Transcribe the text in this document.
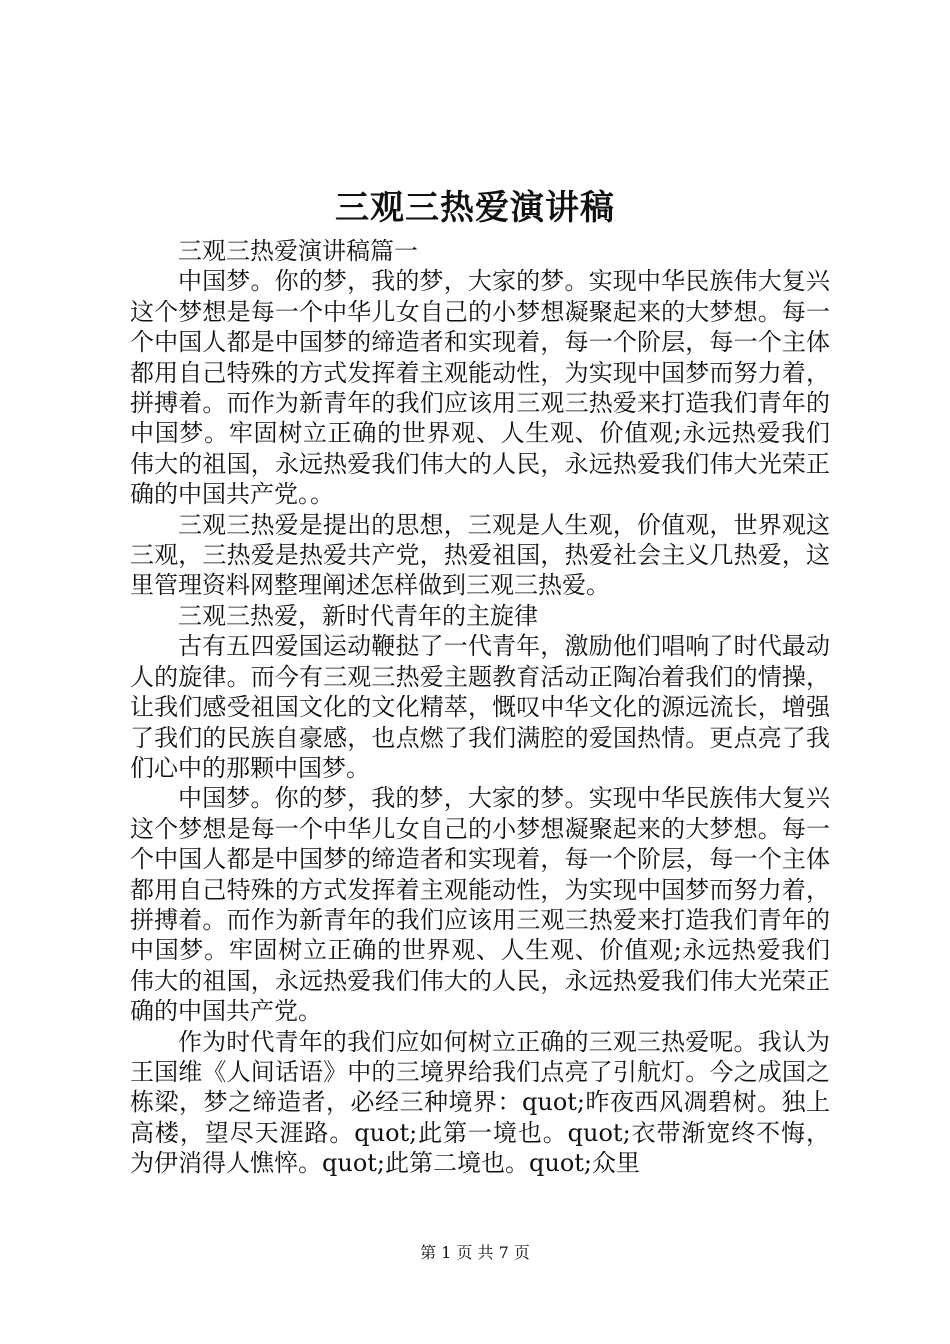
三观三热爱演讲稿

三观三热爱演讲稿篇一

中国梦。你的梦，我的梦，大家的梦。实现中华民族伟大复兴这个梦想是每一个中华儿女自己的小梦想凝聚起来的大梦想。每一个中国人都是中国梦的缔造者和实现着，每一个阶层，每一个主体都用自己特殊的方式发挥着主观能动性，为实现中国梦而努力着，拼搏着。而作为新青年的我们应该用三观三热爱来打造我们青年的中国梦。牢固树立正确的世界观、人生观、价值观;永远热爱我们伟大的祖国，永远热爱我们伟大的人民，永远热爱我们伟大光荣正确的中国共产党。。

三观三热爱是提出的思想，三观是人生观，价值观，世界观这三观，三热爱是热爱共产党，热爱祖国，热爱社会主义几热爱，这里管理资料网整理阐述怎样做到三观三热爱。

三观三热爱，新时代青年的主旋律

古有五四爱国运动鞭挞了一代青年，激励他们唱响了时代最动人的旋律。而今有三观三热爱主题教育活动正陶冶着我们的情操，让我们感受祖国文化的文化精萃，慨叹中华文化的源远流长，增强了我们的民族自豪感，也点燃了我们满腔的爱国热情。更点亮了我们心中的那颗中国梦。

中国梦。你的梦，我的梦，大家的梦。实现中华民族伟大复兴这个梦想是每一个中华儿女自己的小梦想凝聚起来的大梦想。每一个中国人都是中国梦的缔造者和实现着，每一个阶层，每一个主体都用自己特殊的方式发挥着主观能动性，为实现中国梦而努力着，拼搏着。而作为新青年的我们应该用三观三热爱来打造我们青年的中国梦。牢固树立正确的世界观、人生观、价值观;永远热爱我们伟大的祖国，永远热爱我们伟大的人民，永远热爱我们伟大光荣正确的中国共产党。

作为时代青年的我们应如何树立正确的三观三热爱呢。我认为王国维《人间话语》中的三境界给我们点亮了引航灯。今之成国之栋梁，梦之缔造者，必经三种境界：quot;昨夜西风凋碧树。独上高楼，望尽天涯路。quot;此第一境也。quot;衣带渐宽终不悔，为伊消得人憔悴。quot;此第二境也。quot;众里

第 1 页 共 7 页
